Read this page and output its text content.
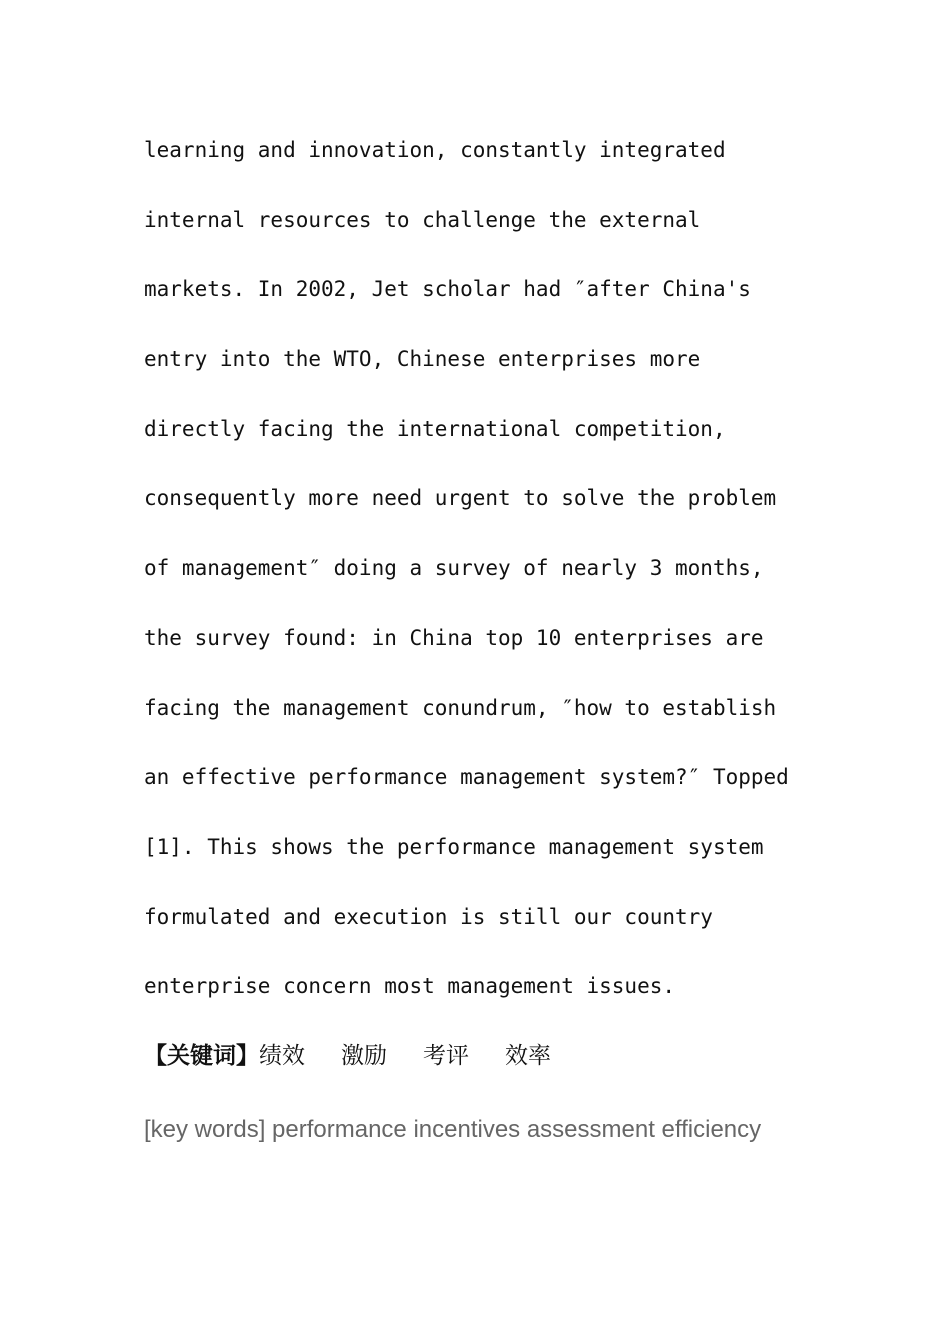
learning and innovation, constantly integrated
internal resources to challenge the external
markets. In 2002, Jet scholar had ″after China's
entry into the WTO, Chinese enterprises more
directly facing the international competition,
consequently more need urgent to solve the problem
of management″ doing a survey of nearly 3 months,
the survey found: in China top 10 enterprises are
facing the management conundrum, ″how to establish
an effective performance management system?″ Topped
[1]. This shows the performance management system
formulated and execution is still our country
enterprise concern most management issues.

【关键词】绩效 激励 考评 效率

[key words] performance incentives assessment efficiency
